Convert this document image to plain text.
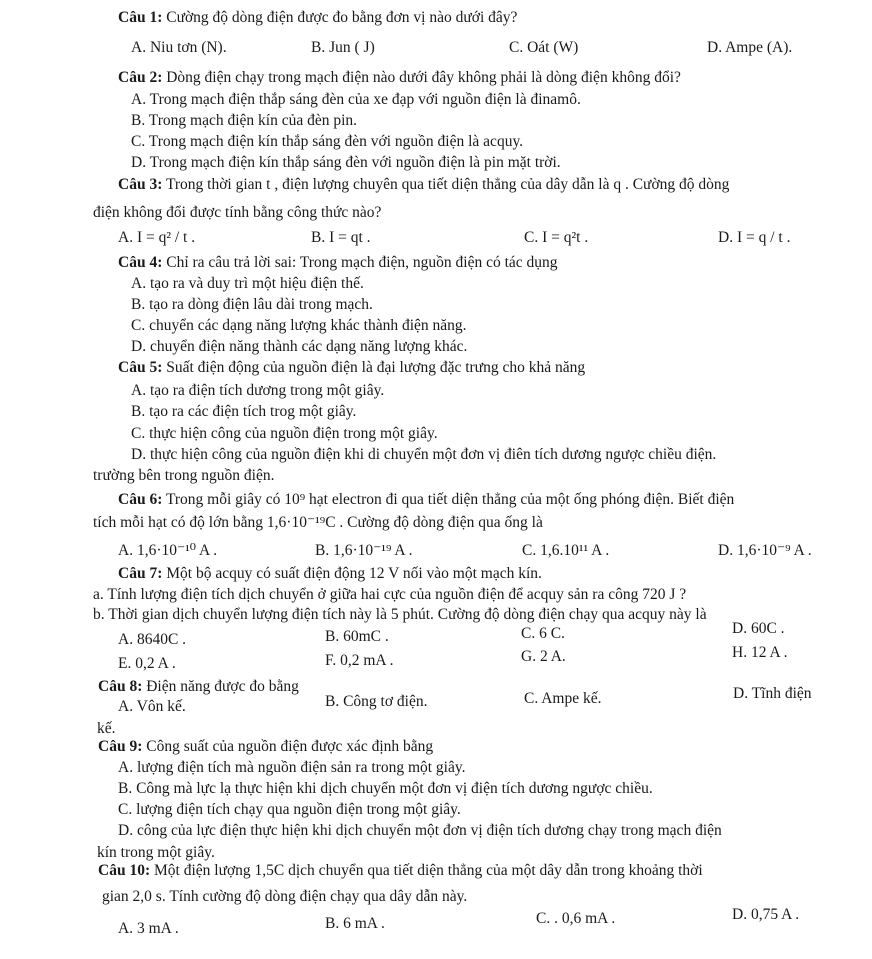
Câu 1: Cường độ dòng điện được đo bằng đơn vị nào dưới đây?
A. Niu tơn (N).	B. Jun ( J)	C. Oát (W)	D. Ampe (A).
Câu 2: Dòng điện chạy trong mạch điện nào dưới đây không phải là dòng điện không đổi?
A. Trong mạch điện thắp sáng đèn của xe đạp với nguồn điện là đinamô.
B. Trong mạch điện kín của đèn pin.
C. Trong mạch điện kín thắp sáng đèn với nguồn điện là acquy.
D. Trong mạch điện kín thắp sáng đèn với nguồn điện là pin mặt trời.
Câu 3: Trong thời gian t , điện lượng chuyên qua tiết diện thẳng của dây dẫn là q . Cường độ dòng
điện không đổi được tính bằng công thức nào?
A. I = q² / t .	B. I = qt .	C. I = q²t .	D. I = q / t .
Câu 4: Chỉ ra câu trả lời sai: Trong mạch điện, nguồn điện có tác dụng
A. tạo ra và duy trì một hiệu điện thế.
B. tạo ra dòng điện lâu dài trong mạch.
C. chuyển các dạng năng lượng khác thành điện năng.
D. chuyển điện năng thành các dạng năng lượng khác.
Câu 5: Suất điện động của nguồn điện là đại lượng đặc trưng cho khả năng
A. tạo ra điện tích dương trong một giây.
B. tạo ra các điện tích trog một giây.
C. thực hiện công của nguồn điện trong một giây.
D. thực hiện công của nguồn điện khi di chuyển một đơn vị điên tích dương ngược chiều điện.
trường bên trong nguồn điện.
Câu 6: Trong mỗi giây có 10⁹ hạt electron đi qua tiết diện thẳng của một ống phóng điện. Biết điện
tích mỗi hạt có độ lớn bằng 1,6·10⁻¹⁹C . Cường độ dòng điện qua ống là
A. 1,6·10⁻¹⁰ A .	B. 1,6·10⁻¹⁹ A .	C. 1,6.10¹¹ A .	D. 1,6·10⁻⁹ A .
Câu 7: Một bộ acquy có suất điện động 12 V nối vào một mạch kín.
a. Tính lượng điện tích dịch chuyển ở giữa hai cực của nguồn điện để acquy sản ra công 720 J ?
b. Thời gian dịch chuyển lượng điện tích này là 5 phút. Cường độ dòng điện chạy qua acquy này là
A. 8640C .	B. 60mC .	C. 6 C.	D. 60C .
E. 0,2 A .	F. 0,2 mA .	G. 2 A.	H. 12 A .
Câu 8: Điện năng được đo bằng
A. Vôn kế.	B. Công tơ điện.	C. Ampe kế.	D. Tĩnh điện
kế.
Câu 9: Công suất của nguồn điện được xác định bằng
A. lượng điện tích mà nguồn điện sản ra trong một giây.
B. Công mà lực lạ thực hiện khi dịch chuyển một đơn vị điện tích dương ngược chiều.
C. lượng điện tích chạy qua nguồn điện trong một giây.
D. công của lực điện thực hiện khi dịch chuyển một đơn vị điện tích dương chạy trong mạch điện
kín trong một giây.
Câu 10: Một điện lượng 1,5C dịch chuyển qua tiết diện thẳng của một dây dẫn trong khoảng thời
gian 2,0 s. Tính cường độ dòng điện chạy qua dây dẫn này.
A. 3 mA .	B. 6 mA .	C. . 0,6 mA .	D. 0,75 A .
